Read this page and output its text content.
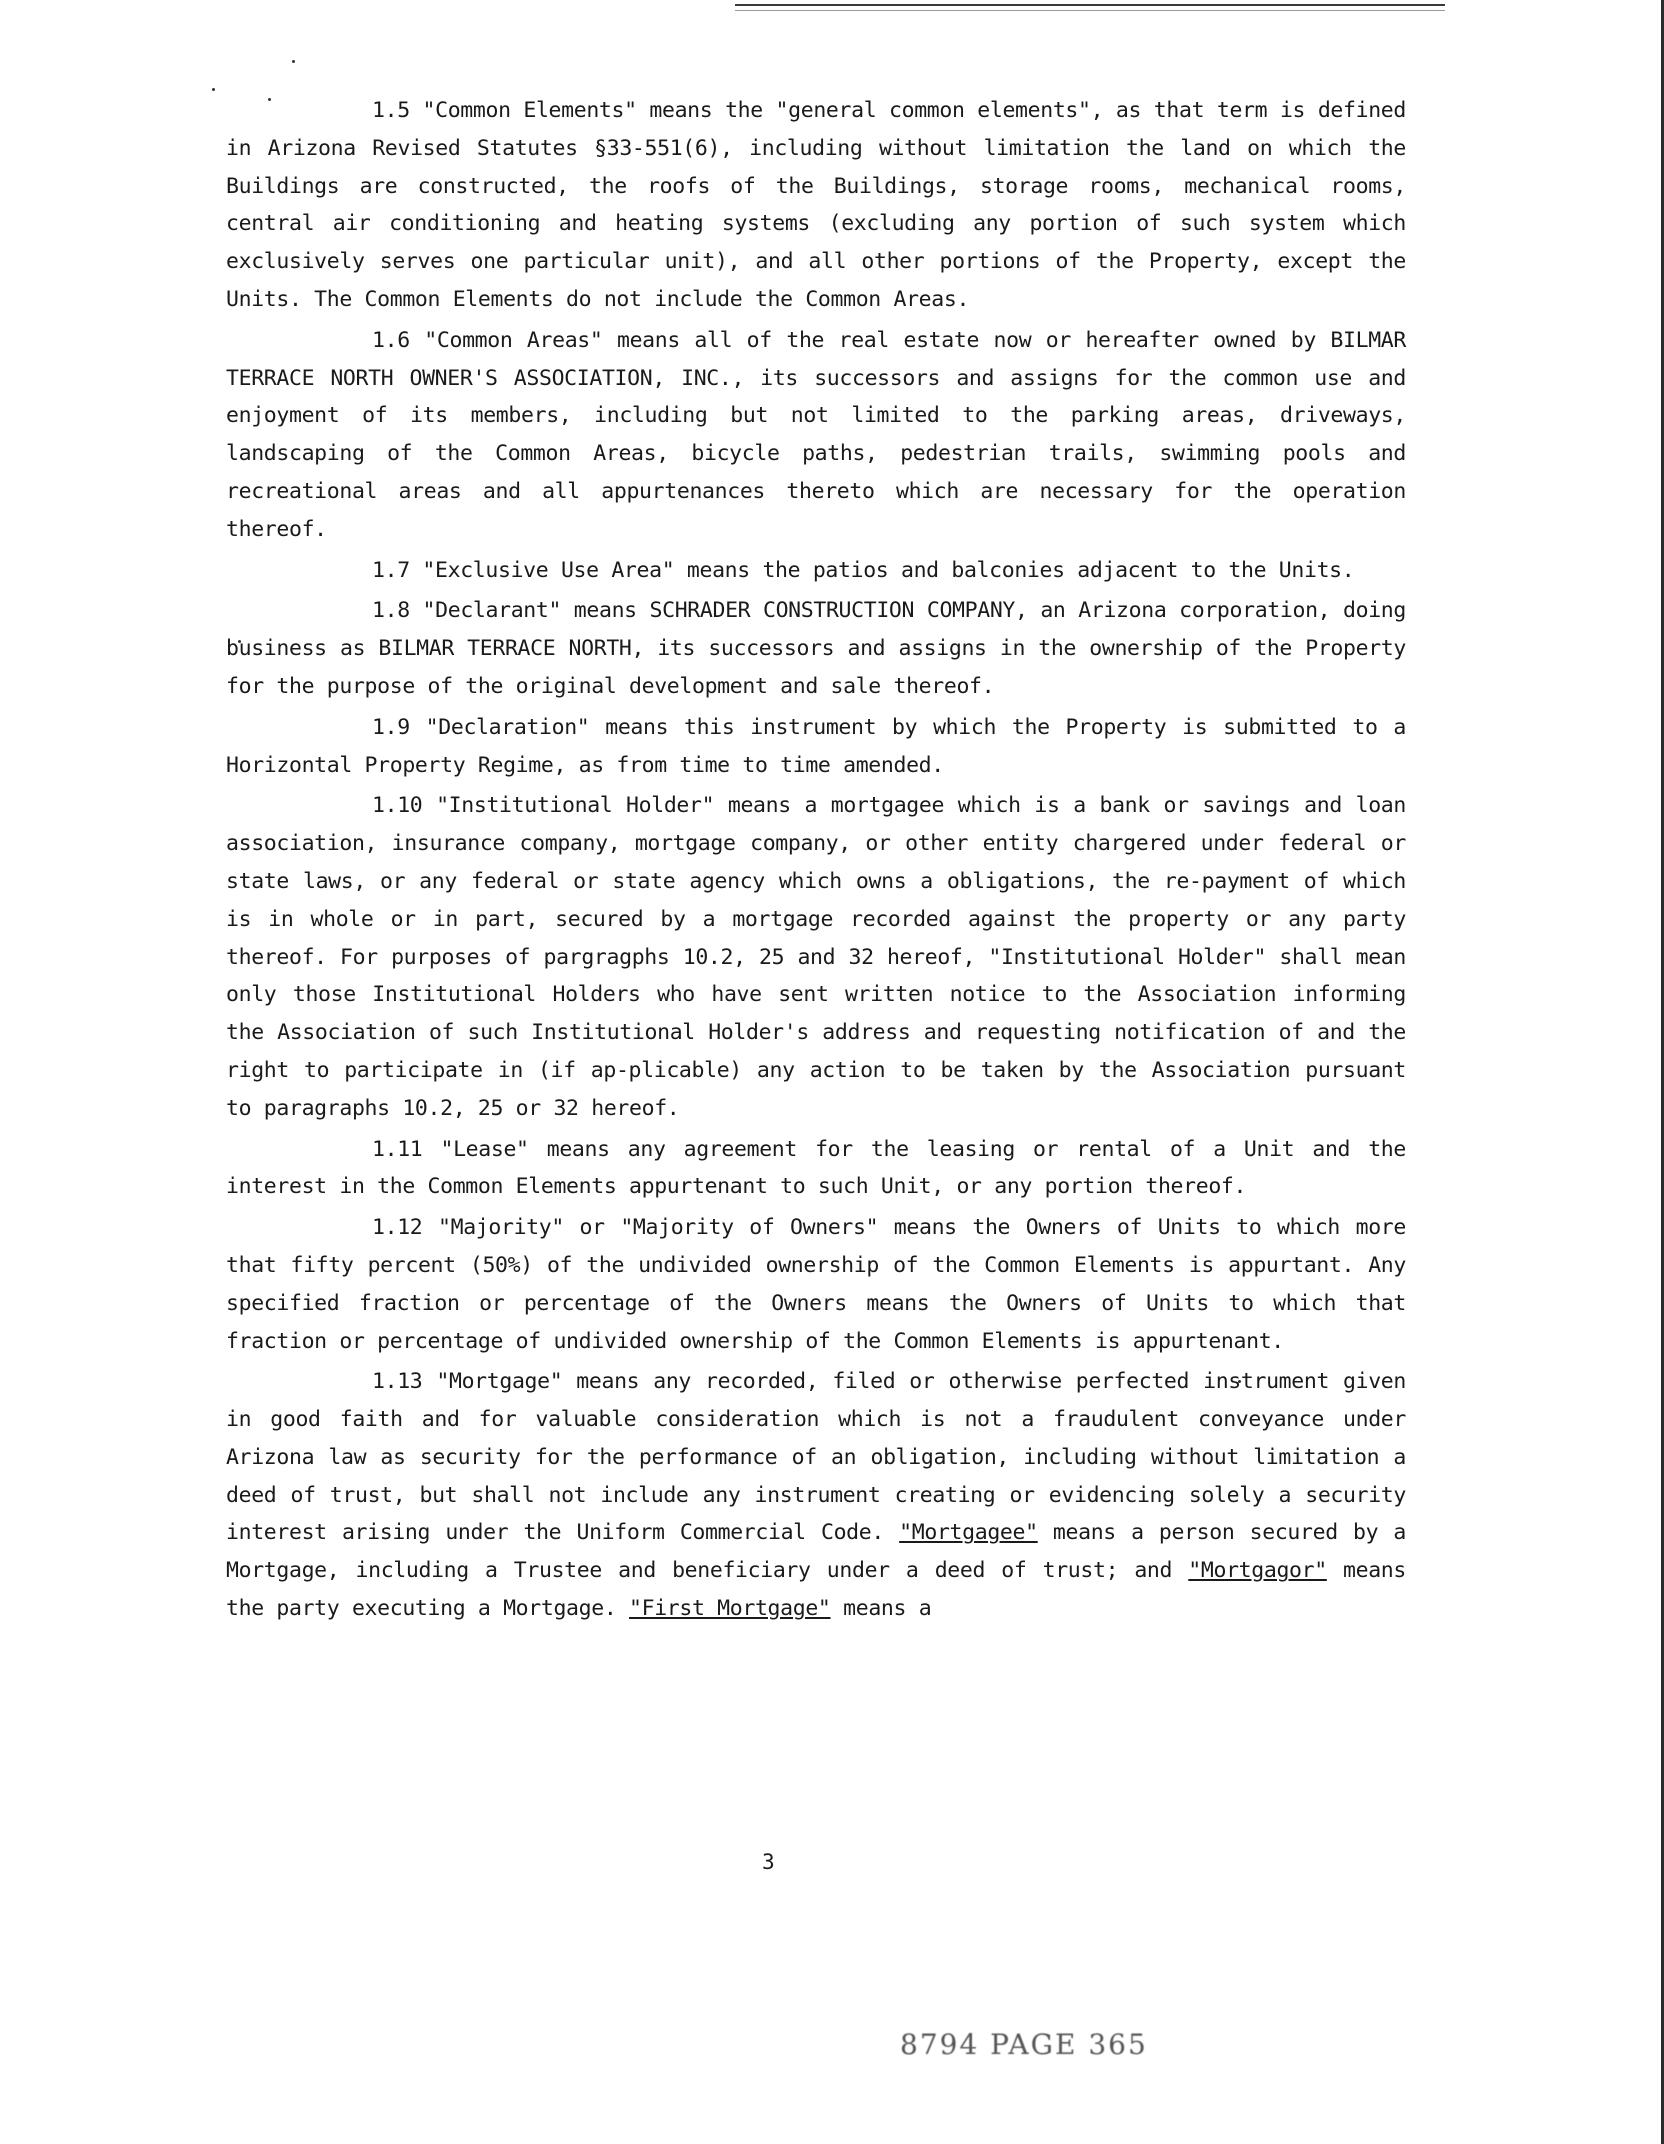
1.5 "Common Elements" means the "general common elements", as that term is defined in Arizona Revised Statutes §33-551(6), including without limitation the land on which the Buildings are constructed, the roofs of the Buildings, storage rooms, mechanical rooms, central air conditioning and heating systems (excluding any portion of such system which exclusively serves one particular unit), and all other portions of the Property, except the Units. The Common Elements do not include the Common Areas.

1.6 "Common Areas" means all of the real estate now or hereafter owned by BILMAR TERRACE NORTH OWNER'S ASSOCIATION, INC., its successors and assigns for the common use and enjoyment of its members, including but not limited to the parking areas, driveways, landscaping of the Common Areas, bicycle paths, pedestrian trails, swimming pools and recreational areas and all appurtenances thereto which are necessary for the operation thereof.

1.7 "Exclusive Use Area" means the patios and balconies adjacent to the Units.

1.8 "Declarant" means SCHRADER CONSTRUCTION COMPANY, an Arizona corporation, doing business as BILMAR TERRACE NORTH, its successors and assigns in the ownership of the Property for the purpose of the original development and sale thereof.

1.9 "Declaration" means this instrument by which the Property is submitted to a Horizontal Property Regime, as from time to time amended.

1.10 "Institutional Holder" means a mortgagee which is a bank or savings and loan association, insurance company, mortgage company, or other entity chargered under federal or state laws, or any federal or state agency which owns a obligations, the re-payment of which is in whole or in part, secured by a mortgage recorded against the property or any party thereof. For purposes of pargragphs 10.2, 25 and 32 hereof, "Institutional Holder" shall mean only those Institutional Holders who have sent written notice to the Association informing the Association of such Institutional Holder's address and requesting notification of and the right to participate in (if ap-plicable) any action to be taken by the Association pursuant to paragraphs 10.2, 25 or 32 hereof.

1.11 "Lease" means any agreement for the leasing or rental of a Unit and the interest in the Common Elements appurtenant to such Unit, or any portion thereof.

1.12 "Majority" or "Majority of Owners" means the Owners of Units to which more that fifty percent (50%) of the undivided ownership of the Common Elements is appurtant. Any specified fraction or percentage of the Owners means the Owners of Units to which that fraction or percentage of undivided ownership of the Common Elements is appurtenant.

1.13 "Mortgage" means any recorded, filed or otherwise perfected instrument given in good faith and for valuable consideration which is not a fraudulent conveyance under Arizona law as security for the performance of an obligation, including without limitation a deed of trust, but shall not include any instrument creating or evidencing solely a security interest arising under the Uniform Commercial Code. "Mortgagee" means a person secured by a Mortgage, including a Trustee and beneficiary under a deed of trust; and "Mortgagor" means the party executing a Mortgage. "First Mortgage" means a

3
8794 PAGE 365
